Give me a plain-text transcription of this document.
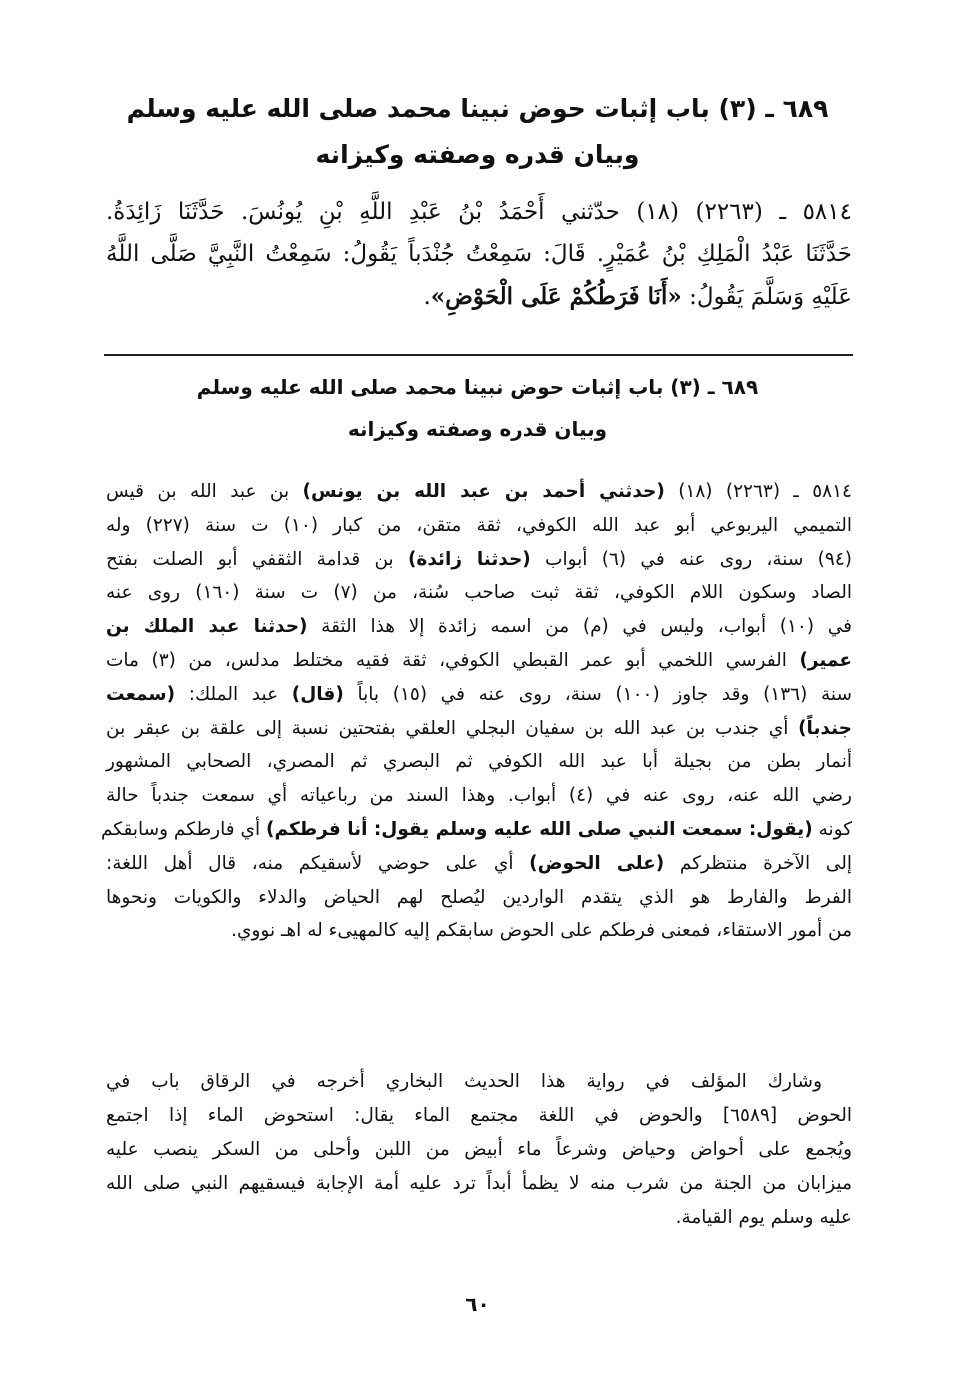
٦٨٩ ـ (٣) باب إثبات حوض نبينا محمد صلى الله عليه وسلم
وبيان قدره وصفته وكيزانه
٥٨١٤ ـ (٢٢٦٣) (١٨) حدّثني أَحْمَدُ بْنُ عَبْدِ اللَّهِ بْنِ يُونُسَ. حَدَّثَنَا زَائِدَةُ.
حَدَّثَنَا عَبْدُ الْمَلِكِ بْنُ عُمَيْرٍ. قَالَ: سَمِعْتُ جُنْدَباً يَقُولُ: سَمِعْتُ النَّبِيَّ صَلَّى اللَّهُ
عَلَيْهِ وَسَلَّمَ يَقُولُ: «أَنَا فَرَطُكُمْ عَلَى الْحَوْضِ».
٦٨٩ ـ (٣) باب إثبات حوض نبينا محمد صلى الله عليه وسلم
وبيان قدره وصفته وكيزانه
٥٨١٤ ـ (٢٢٦٣) (١٨) (حدثني أحمد بن عبد الله بن يونس) بن عبد الله بن قيس
التميمي اليربوعي أبو عبد الله الكوفي، ثقة متقن، من كبار (١٠) ت سنة (٢٢٧) وله
(٩٤) سنة، روى عنه في (٦) أبواب (حدثنا زائدة) بن قدامة الثقفي أبو الصلت بفتح
الصاد وسكون اللام الكوفي، ثقة ثبت صاحب سُنة، من (٧) ت سنة (١٦٠) روى عنه
في (١٠) أبواب، وليس في (م) من اسمه زائدة إلا هذا الثقة (حدثنا عبد الملك بن
عمير) الفرسي اللخمي أبو عمر القبطي الكوفي، ثقة فقيه مختلط مدلس، من (٣) مات
سنة (١٣٦) وقد جاوز (١٠٠) سنة، روى عنه في (١٥) باباً (قال) عبد الملك: (سمعت
جندباً) أي جندب بن عبد الله بن سفيان البجلي العلقي بفتحتين نسبة إلى علقة بن عبقر بن
أنمار بطن من بجيلة أبا عبد الله الكوفي ثم البصري ثم المصري، الصحابي المشهور
رضي الله عنه، روى عنه في (٤) أبواب. وهذا السند من رباعياته أي سمعت جندباً حالة
كونه (يقول: سمعت النبي صلى الله عليه وسلم يقول: أنا فرطكم) أي فارطكم وسابقكم
إلى الآخرة منتظركم (على الحوض) أي على حوضي لأسقيكم منه، قال أهل اللغة:
الفرط والفارط هو الذي يتقدم الواردين ليُصلح لهم الحياض والدلاء والكويات ونحوها
من أمور الاستقاء، فمعنى فرطكم على الحوض سابقكم إليه كالمهيىء له اهـ نووي.
وشارك المؤلف في رواية هذا الحديث البخاري أخرجه في الرقاق باب في
الحوض [٦٥٨٩] والحوض في اللغة مجتمع الماء يقال: استحوض الماء إذا اجتمع
ويُجمع على أحواض وحياض وشرعاً ماء أبيض من اللبن وأحلى من السكر ينصب عليه
ميزابان من الجنة من شرب منه لا يظمأ أبداً ترد عليه أمة الإجابة فيسقيهم النبي صلى الله
عليه وسلم يوم القيامة.
٦٠
